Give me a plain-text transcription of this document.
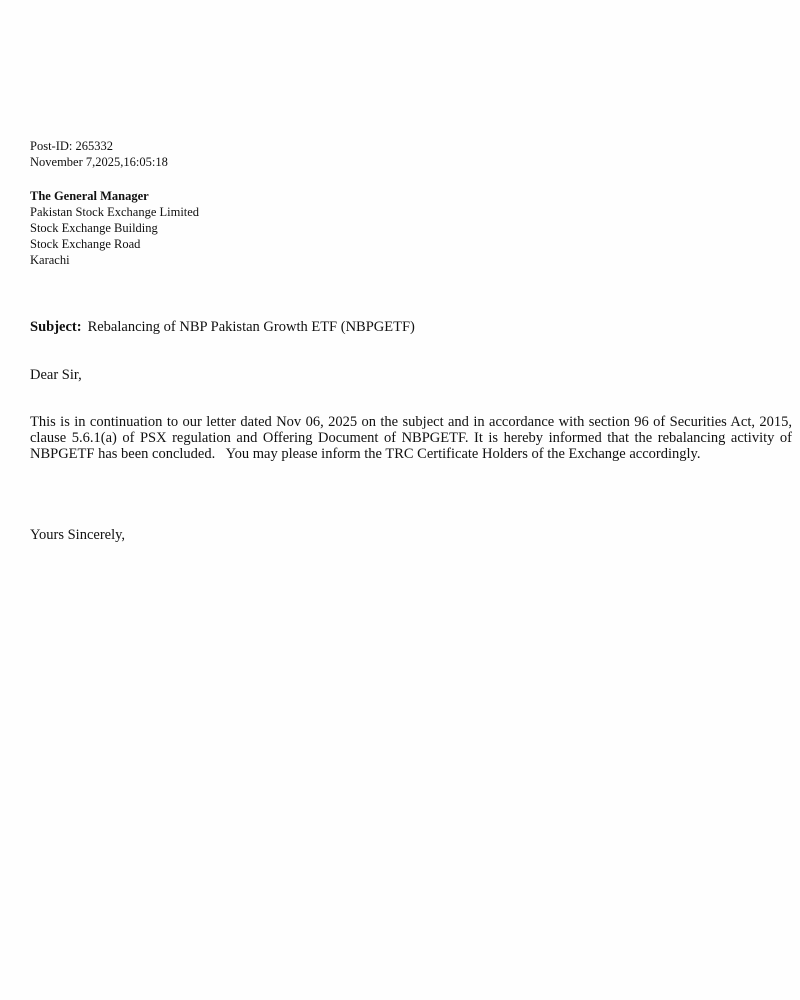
Post-ID: 265332
November 7,2025,16:05:18
The General Manager
Pakistan Stock Exchange Limited
Stock Exchange Building
Stock Exchange Road
Karachi
Subject: Rebalancing of NBP Pakistan Growth ETF (NBPGETF)
Dear Sir,
This is in continuation to our letter dated Nov 06, 2025 on the subject and in accordance with section 96 of Securities Act, 2015, clause 5.6.1(a) of PSX regulation and Offering Document of NBPGETF. It is hereby informed that the rebalancing activity of NBPGETF has been concluded.   You may please inform the TRC Certificate Holders of the Exchange accordingly.
Yours Sincerely,
